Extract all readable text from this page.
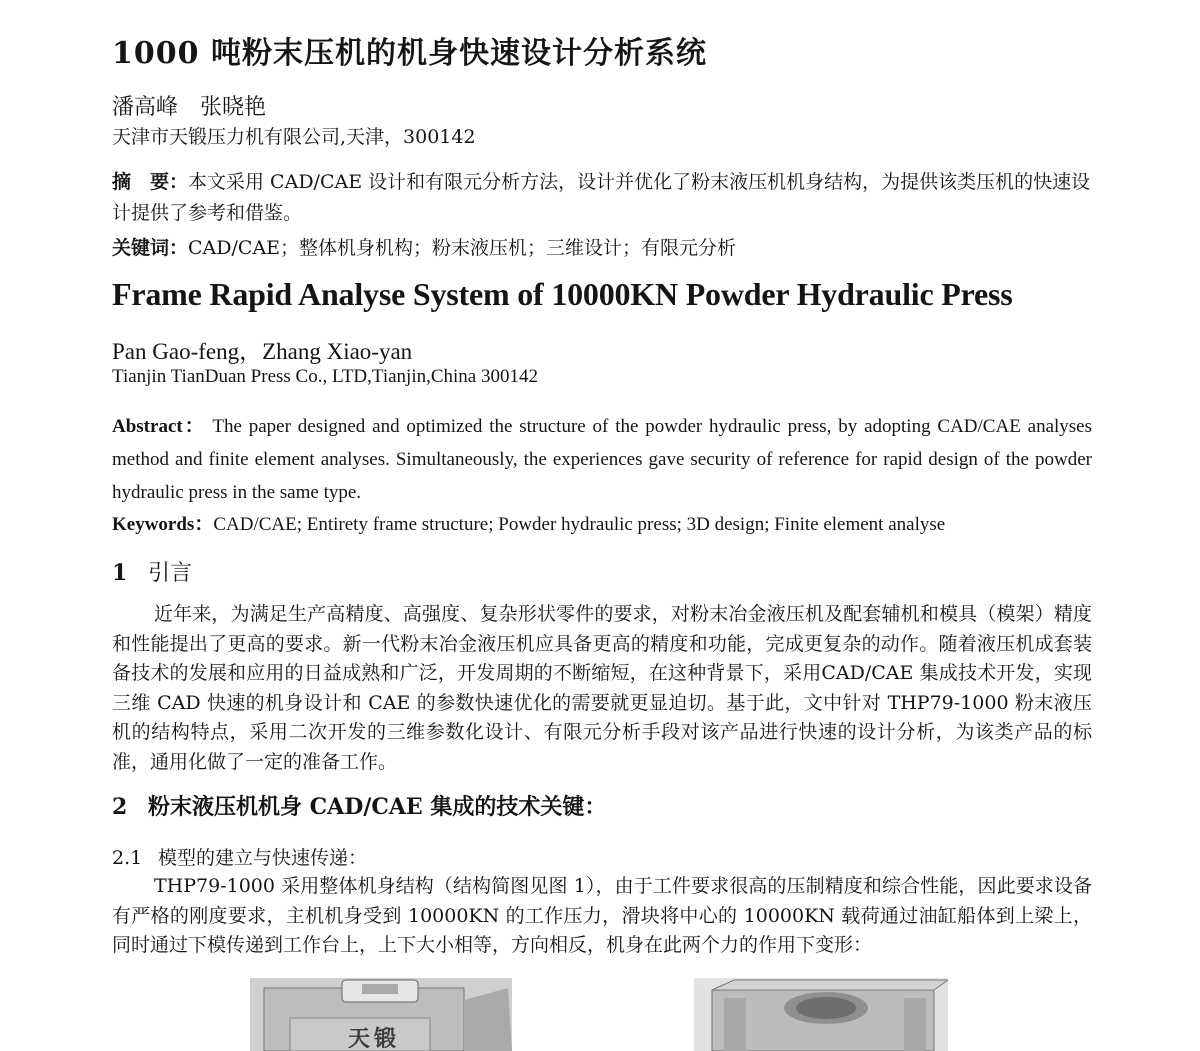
1000 吨粉末压机的机身快速设计分析系统
潘高峰　张晓艳
天津市天锻压力机有限公司,天津，300142

摘　要：本文采用 CAD/CAE 设计和有限元分析方法，设计并优化了粉末液压机机身结构，为提供该类压机的快速设计提供了参考和借鉴。

关键词：CAD/CAE；整体机身机构；粉末液压机；三维设计；有限元分析
Frame Rapid Analyse System of 10000KN Powder Hydraulic Press
Pan Gao-feng，Zhang Xiao-yan
Tianjin TianDuan Press Co., LTD,Tianjin,China 300142

Abstract： The paper designed and optimized the structure of the powder hydraulic press, by adopting CAD/CAE analyses method and finite element analyses. Simultaneously, the experiences gave security of reference for rapid design of the powder hydraulic press in the same type.

Keywords：CAD/CAE; Entirety frame structure; Powder hydraulic press; 3D design; Finite element analyse
1 引言

近年来，为满足生产高精度、高强度、复杂形状零件的要求，对粉末冶金液压机及配套辅机和模具（模架）精度和性能提出了更高的要求。新一代粉末冶金液压机应具备更高的精度和功能，完成更复杂的动作。随着液压机成套装备技术的发展和应用的日益成熟和广泛，开发周期的不断缩短，在这种背景下，采用CAD/CAE 集成技术开发，实现三维 CAD 快速的机身设计和 CAE 的参数快速优化的需要就更显迫切。基于此，文中针对 THP79-1000 粉末液压机的结构特点，采用二次开发的三维参数化设计、有限元分析手段对该产品进行快速的设计分析，为该类产品的标准，通用化做了一定的准备工作。

2 粉末液压机机身 CAD/CAE 集成的技术关键：
2.1 模型的建立与快速传递：

THP79-1000 采用整体机身结构（结构简图见图 1），由于工件要求很高的压制精度和综合性能，因此要求设备有严格的刚度要求，主机机身受到 10000KN 的工作压力，滑块将中心的 10000KN 载荷通过油缸船体到上梁上，同时通过下模传递到工作台上，上下大小相等，方向相反，机身在此两个力的作用下变形：

天锻
